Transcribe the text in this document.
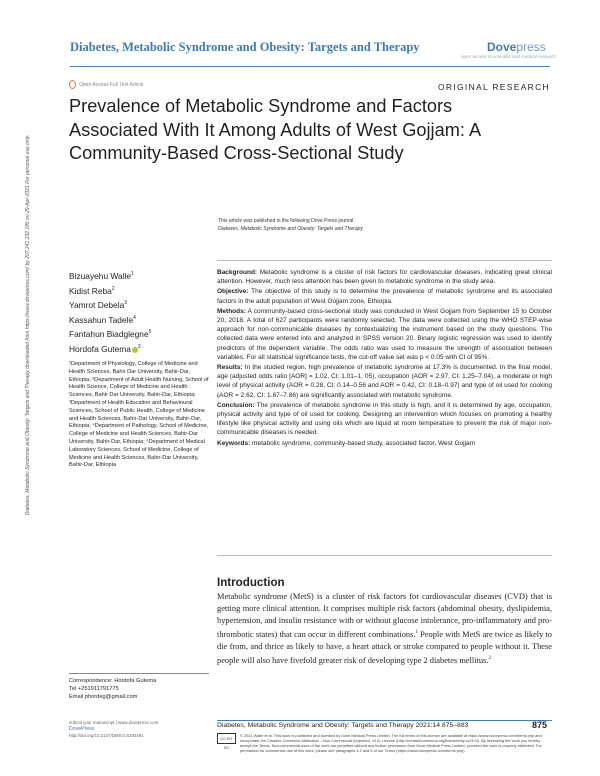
Diabetes, Metabolic Syndrome and Obesity: Targets and Therapy	Dovepress
open access to scientific and medical research
Diabetes, Metabolic Syndrome and Obesity: Targets and Therapy downloaded from https://www.dovepress.com/ by 207.241.232.185 on 29-Apr-2021 For personal use only.
Open Access Full Text Article	ORIGINAL RESEARCH
Prevalence of Metabolic Syndrome and Factors Associated With It Among Adults of West Gojjam: A Community-Based Cross-Sectional Study
This article was published in the following Dove Press journal:
Diabetes, Metabolic Syndrome and Obesity: Targets and Therapy
Bizuayehu Walle$^1$
Kidist Reba$^2$
Yamrot Debela$^3$
Kassahun Tadele$^4$
Fantahun Biadglegne$^5$
Hordofa Gutema $^3$
¹Department of Physiology, College of Medicine and Health Sciences, Bahir Dar University, Bahir-Dar, Ethiopia; ²Department of Adult Health Nursing, School of Health Science, College of Medicine and Health Sciences, Bahir Dar University, Bahir-Dar, Ethiopia; ³Department of Health Education and Behavioural Sciences, School of Public Health, College of Medicine and Health Sciences, Bahir-Dar University, Bahir-Dar, Ethiopia; ⁴Department of Pathology, School of Medicine, College of Medicine and Health Sciences, Bahir-Dar University, Bahir-Dar, Ethiopia; ⁵Department of Medical Laboratory Sciences, School of Medicine, College of Medicine and Health Sciences, Bahir-Dar University, Bahir-Dar, Ethiopia

Background: Metabolic syndrome is a cluster of risk factors for cardiovascular diseases, indicating great clinical attention. However, much less attention has been given to metabolic syndrome in the study area.

Objective: The objective of this study is to determine the prevalence of metabolic syndrome and its associated factors in the adult population of West Gojjam zone, Ethiopia.

Methods: A community-based cross-sectional study was conducted in West Gojjam from September 15 to October 20, 2018. A total of 627 participants were randomly selected. The data were collected using the WHO STEP-wise approach for non-communicable diseases by contextualizing the instrument based on the study questions. The collected data were entered into and analyzed in SPSS version 20. Binary logistic regression was used to identify predictors of the dependent variable. The odds ratio was used to measure the strength of association between variables. For all statistical significance tests, the cut-off value set was p < 0.05 with CI of 95%.

Results: In the studied region, high prevalence of metabolic syndrome at 17.3% is documented. In the final model, age (adjusted odds ratio [AOR] = 1.02, CI: 1.01–1. 05), occupation (AOR = 2.97, CI: 1.25–7.04), a moderate or high level of physical activity (AOR = 0.28, CI: 0.14–0.56 and AOR = 0.42, CI: 0.18–0.97) and type of oil used for cooking (AOR = 2.62, CI: 1.87–7.86) are significantly associated with metabolic syndrome.

Conclusion: The prevalence of metabolic syndrome in this study is high, and it is determined by age, occupation, physical activity and type of oil used for cooking. Designing an intervention which focuses on promoting a healthy lifestyle like physical activity and using oils which are liquid at room temperature to prevent the risk of major non-communicable diseases is needed.

Keywords: metabolic syndrome, community-based study, associated factor, West Gojjam

Introduction

Metabolic syndrome (MetS) is a cluster of risk factors for cardiovascular diseases (CVD) that is getting more clinical attention. It comprises multiple risk factors (abdominal obesity, dyslipidemia, hypertension, and insulin resistance with or without glucose intolerance, pro-inflammatory and pro-thrombotic states) that can occur in different combinations.$^1$ People with MetS are twice as likely to die from, and thrice as likely to have, a heart attack or stroke compared to people without it. These people will also have fivefold greater risk of developing type 2 diabetes mellitus.$^2$

Correspondence: Hordofa Gutema
Tel +251911791775
Email phordeg@gmail.com
submit your manuscript | www.dovepress.com
DovePress
http://doi.org/10.2147/DMSO.S293491
Diabetes, Metabolic Syndrome and Obesity: Targets and Therapy 2021:14 875–883	875
CC BY NC
© 2021 Walle et al. This work is published and licensed by Dove Medical Press Limited. The full terms of this license are available at https://www.dovepress.com/terms.php and incorporate the Creative Commons Attribution – Non Commercial (unported, v3.0) License (http://creativecommons.org/licenses/by-nc/3.0/). By accessing the work you hereby accept the Terms. Non-commercial uses of the work are permitted without any further permission from Dove Medical Press Limited, provided the work is properly attributed. For permission for commercial use of this work, please see paragraphs 4.2 and 5 of our Terms (https://www.dovepress.com/terms.php).
